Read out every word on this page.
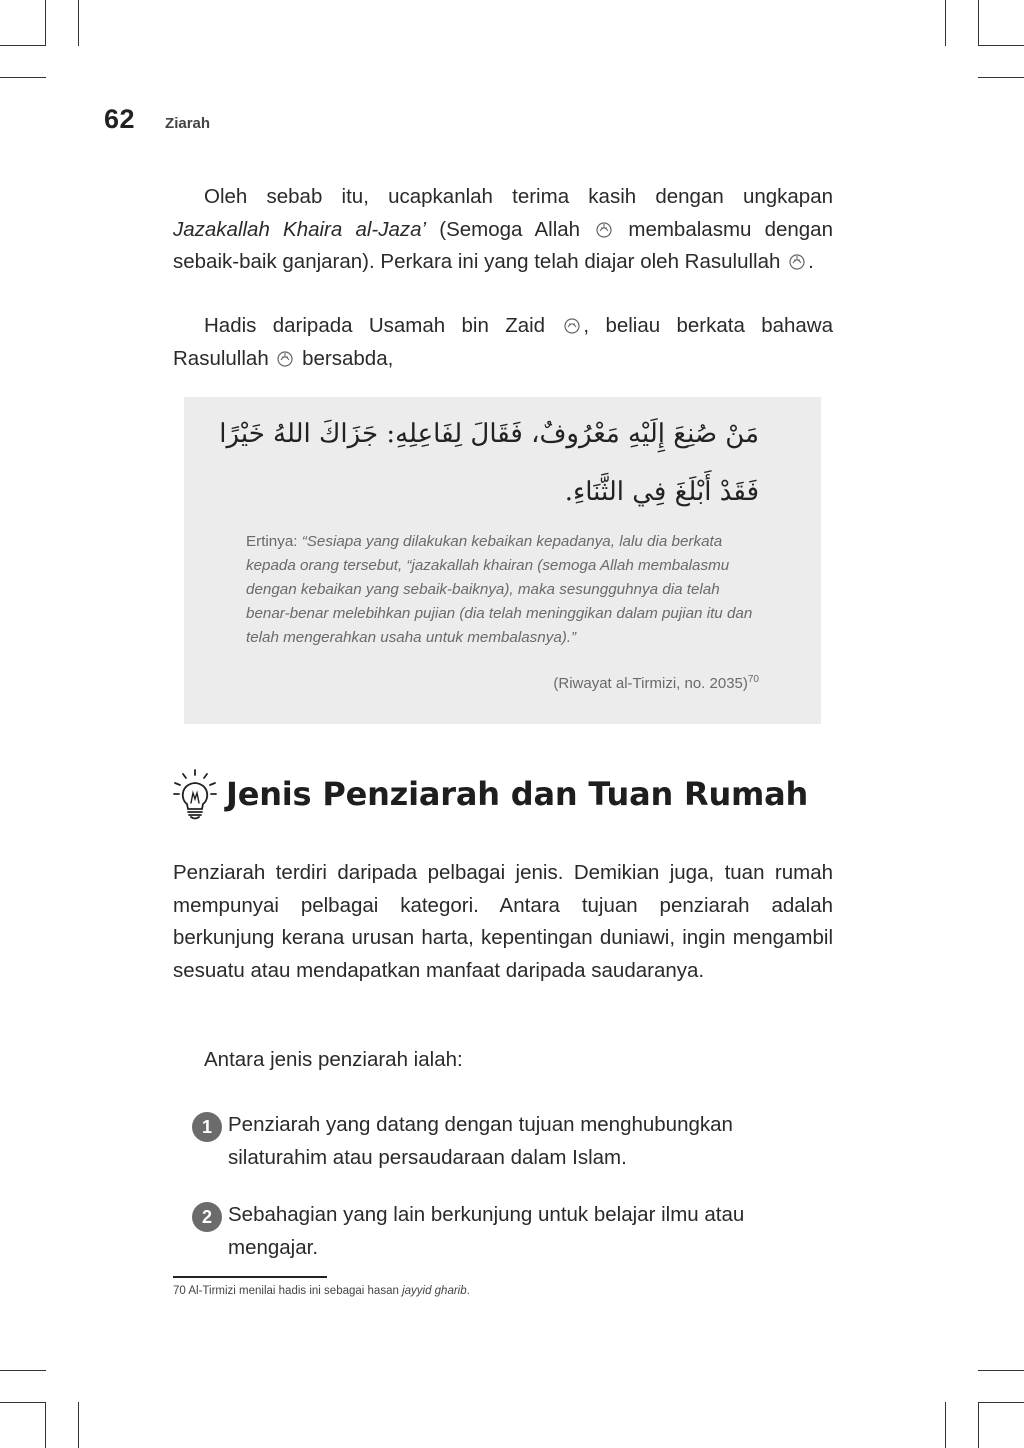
62 Ziarah

Oleh sebab itu, ucapkanlah terima kasih dengan ungkapan Jazakallah Khaira al-Jaza’ (Semoga Allah  membalasmu dengan sebaik-baik ganjaran). Perkara ini yang telah diajar oleh Rasulullah .

Hadis daripada Usamah bin Zaid , beliau berkata bahawa Rasulullah  bersabda,

مَنْ صُنِعَ إِلَيْهِ مَعْرُوفٌ، فَقَالَ لِفَاعِلِهِ: جَزَاكَ اللهُ خَيْرًا
فَقَدْ أَبْلَغَ فِي الثَّنَاءِ.

Ertinya: “Sesiapa yang dilakukan kebaikan kepadanya, lalu dia berkata kepada orang tersebut, “jazakallah khairan (semoga Allah membalasmu dengan kebaikan yang sebaik-baiknya), maka sesungguhnya dia telah benar-benar melebihkan pujian (dia telah meninggikan dalam pujian itu dan telah mengerahkan usaha untuk membalasnya).”

(Riwayat al-Tirmizi, no. 2035)$^{70}$
Jenis Penziarah dan Tuan Rumah

Penziarah terdiri daripada pelbagai jenis. Demikian juga, tuan rumah mempunyai pelbagai kategori. Antara tujuan penziarah adalah berkunjung kerana urusan harta, kepentingan duniawi, ingin mengambil sesuatu atau mendapatkan manfaat daripada saudaranya.

Antara jenis penziarah ialah:

1 Penziarah yang datang dengan tujuan menghubungkan silaturahim atau persaudaraan dalam Islam.
2 Sebahagian yang lain berkunjung untuk belajar ilmu atau mengajar.
70 Al-Tirmizi menilai hadis ini sebagai hasan jayyid gharib.
